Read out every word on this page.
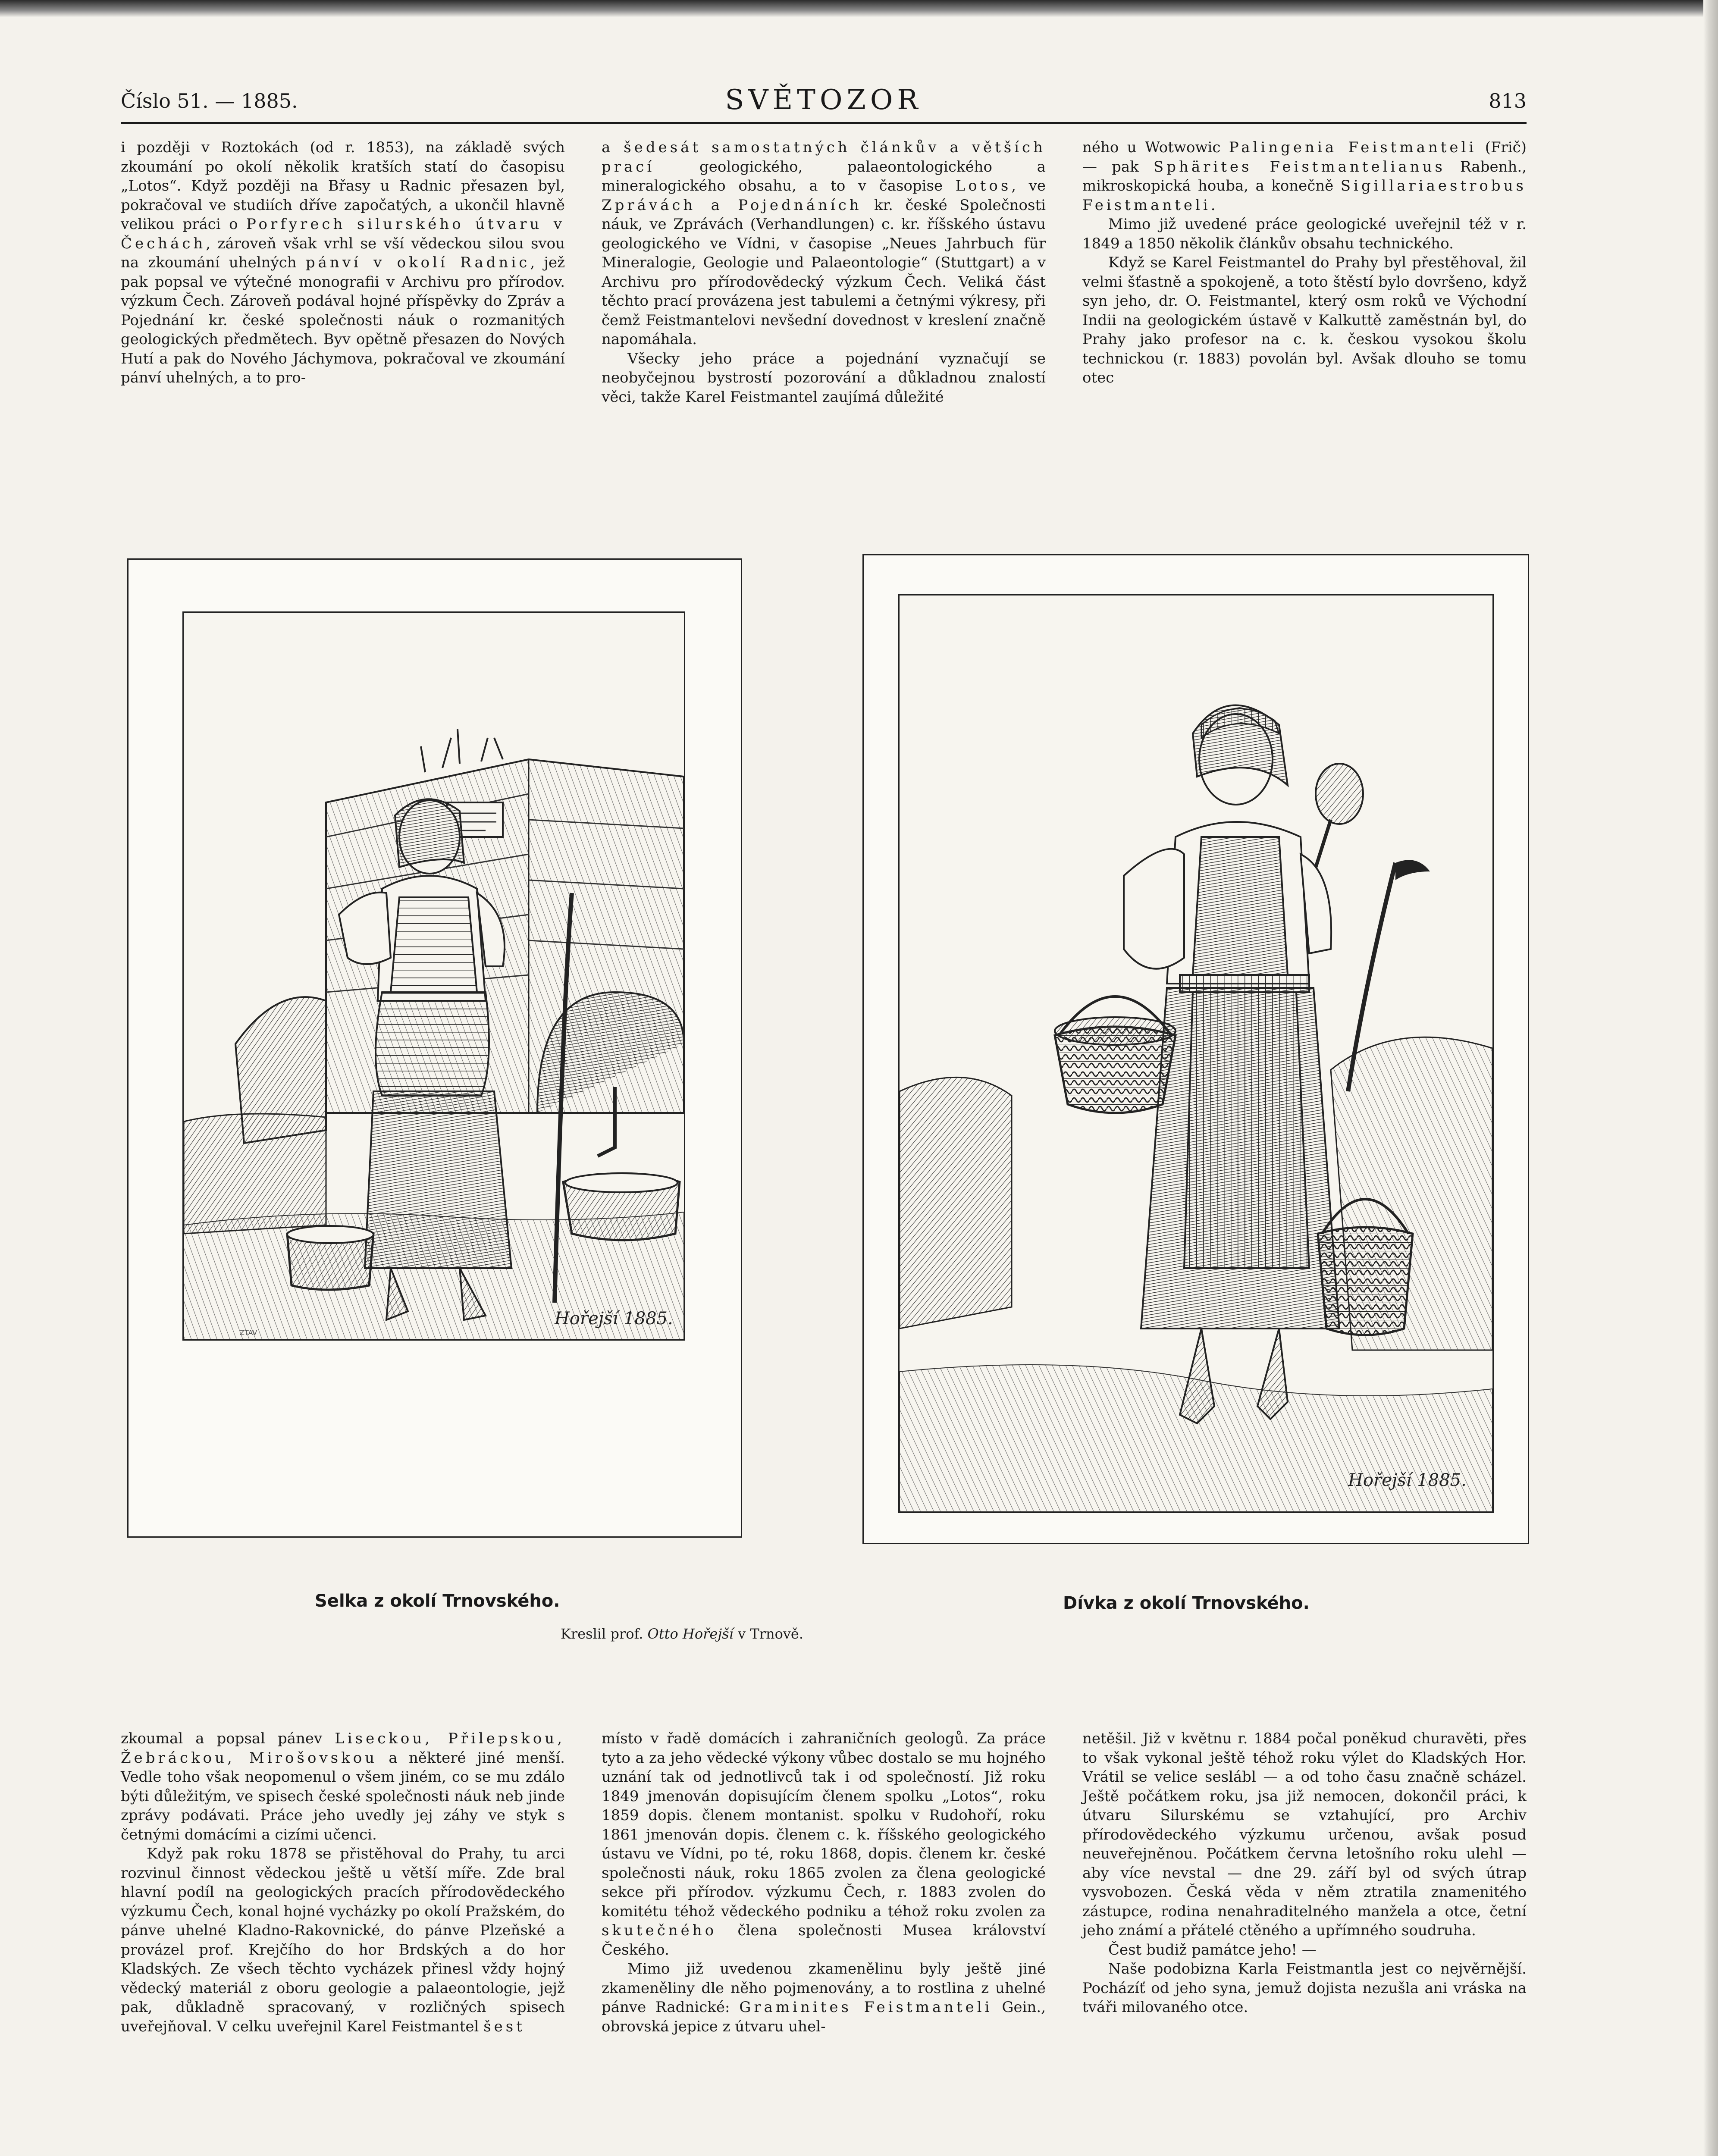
Číslo 51. — 1885.	SVĚTOZOR	813

i později v Roztokách (od r. 1853), na základě svých zkoumání po okolí několik kratších statí do časopisu „Lotos“. Když později na Břasy u Radnic přesazen byl, pokračoval ve studiích dříve započatých, a ukončil hlavně velikou práci o Porfyrech silurského útvaru v Čechách, zároveň však vrhl se vší vědeckou silou svou na zkoumání uhelných pánví v okolí Radnic, jež pak popsal ve výtečné monografii v Archivu pro přírodov. výzkum Čech. Zároveň podával hojné příspěvky do Zpráv a Pojednání kr. české společnosti náuk o rozmanitých geologických předmětech. Byv opětně přesazen do Nových Hutí a pak do Nového Jáchymova, pokračoval ve zkoumání pánví uhelných, a to pro-

a šedesát samostatných článkův a větších prací geologického, palaeontologického a mineralogického obsahu, a to v časopise Lotos, ve Zprávách a Pojednáních kr. české Společnosti náuk, ve Zprávách (Verhandlungen) c. kr. říšského ústavu geologického ve Vídni, v časopise „Neues Jahrbuch für Mineralogie, Geologie und Palaeontologie“ (Stuttgart) a v Archivu pro přírodovědecký výzkum Čech. Veliká část těchto prací provázena jest tabulemi a četnými výkresy, při čemž Feistmantelovi nevšední dovednost v kreslení značně napomáhala.

Všecky jeho práce a pojednání vyznačují se neobyčejnou bystrostí pozorování a důkladnou znalostí věci, takže Karel Feistmantel zaujímá důležité

ného u Wotwowic Palingenia Feistmanteli (Frič) — pak Sphärites Feistmantelianus Rabenh., mikroskopická houba, a konečně Sigillariaestrobus Feistmanteli.

Mimo již uvedené práce geologické uveřejnil též v r. 1849 a 1850 několik článkův obsahu technického.

Když se Karel Feistmantel do Prahy byl přestěhoval, žil velmi šťastně a spokojeně, a toto štěstí bylo dovršeno, když syn jeho, dr. O. Feistmantel, který osm roků ve Východní Indii na geologickém ústavě v Kalkuttě zaměstnán byl, do Prahy jako profesor na c. k. českou vysokou školu technickou (r. 1883) povolán byl. Avšak dlouho se tomu otec

Hořejší 1885.
ZTAV
Hořejší 1885.
Selka z okolí Trnovského.	Dívka z okolí Trnovského.
Kreslil prof. Otto Hořejší v Trnově.

zkoumal a popsal pánev Liseckou, Přilepskou, Žebráckou, Mirošovskou a některé jiné menší. Vedle toho však neopomenul o všem jiném, co se mu zdálo býti důležitým, ve spisech české společnosti náuk neb jinde zprávy podávati. Práce jeho uvedly jej záhy ve styk s četnými domácími a cizími učenci.

Když pak roku 1878 se přistěhoval do Prahy, tu arci rozvinul činnost vědeckou ještě u větší míře. Zde bral hlavní podíl na geologických pracích přírodovědeckého výzkumu Čech, konal hojné vycházky po okolí Pražském, do pánve uhelné Kladno-Rakovnické, do pánve Plzeňské a provázel prof. Krejčího do hor Brdských a do hor Kladských. Ze všech těchto vycházek přinesl vždy hojný vědecký materiál z oboru geologie a palaeontologie, jejž pak, důkladně spracovaný, v rozličných spisech uveřejňoval. V celku uveřejnil Karel Feistmantel šest

místo v řadě domácích i zahraničních geologů. Za práce tyto a za jeho vědecké výkony vůbec dostalo se mu hojného uznání tak od jednotlivců tak i od společností. Již roku 1849 jmenován dopisujícím členem spolku „Lotos“, roku 1859 dopis. členem montanist. spolku v Rudohoří, roku 1861 jmenován dopis. členem c. k. říšského geologického ústavu ve Vídni, po té, roku 1868, dopis. členem kr. české společnosti náuk, roku 1865 zvolen za člena geologické sekce při přírodov. výzkumu Čech, r. 1883 zvolen do komitétu téhož vědeckého podniku a téhož roku zvolen za skutečného člena společnosti Musea království Českého.

Mimo již uvedenou zkamenělinu byly ještě jiné zkameněliny dle něho pojmenovány, a to rostlina z uhelné pánve Radnické: Graminites Feistmanteli Gein., obrovská jepice z útvaru uhel-

netěšil. Již v květnu r. 1884 počal poněkud churavěti, přes to však vykonal ještě téhož roku výlet do Kladských Hor. Vrátil se velice seslábl — a od toho času značně scházel. Ještě počátkem roku, jsa již nemocen, dokončil práci, k útvaru Silurskému se vztahující, pro Archiv přírodovědeckého výzkumu určenou, avšak posud neuveřejněnou. Počátkem června letošního roku ulehl — aby více nevstal — dne 29. září byl od svých útrap vysvobozen. Česká věda v něm ztratila znamenitého zástupce, rodina nenahraditelného manžela a otce, četní jeho známí a přátelé ctěného a upřímného soudruha.

Čest budiž památce jeho! —

Naše podobizna Karla Feistmantla jest co nejvěrnější. Pocházíť od jeho syna, jemuž dojista nezušla ani vráska na tváři milovaného otce.
